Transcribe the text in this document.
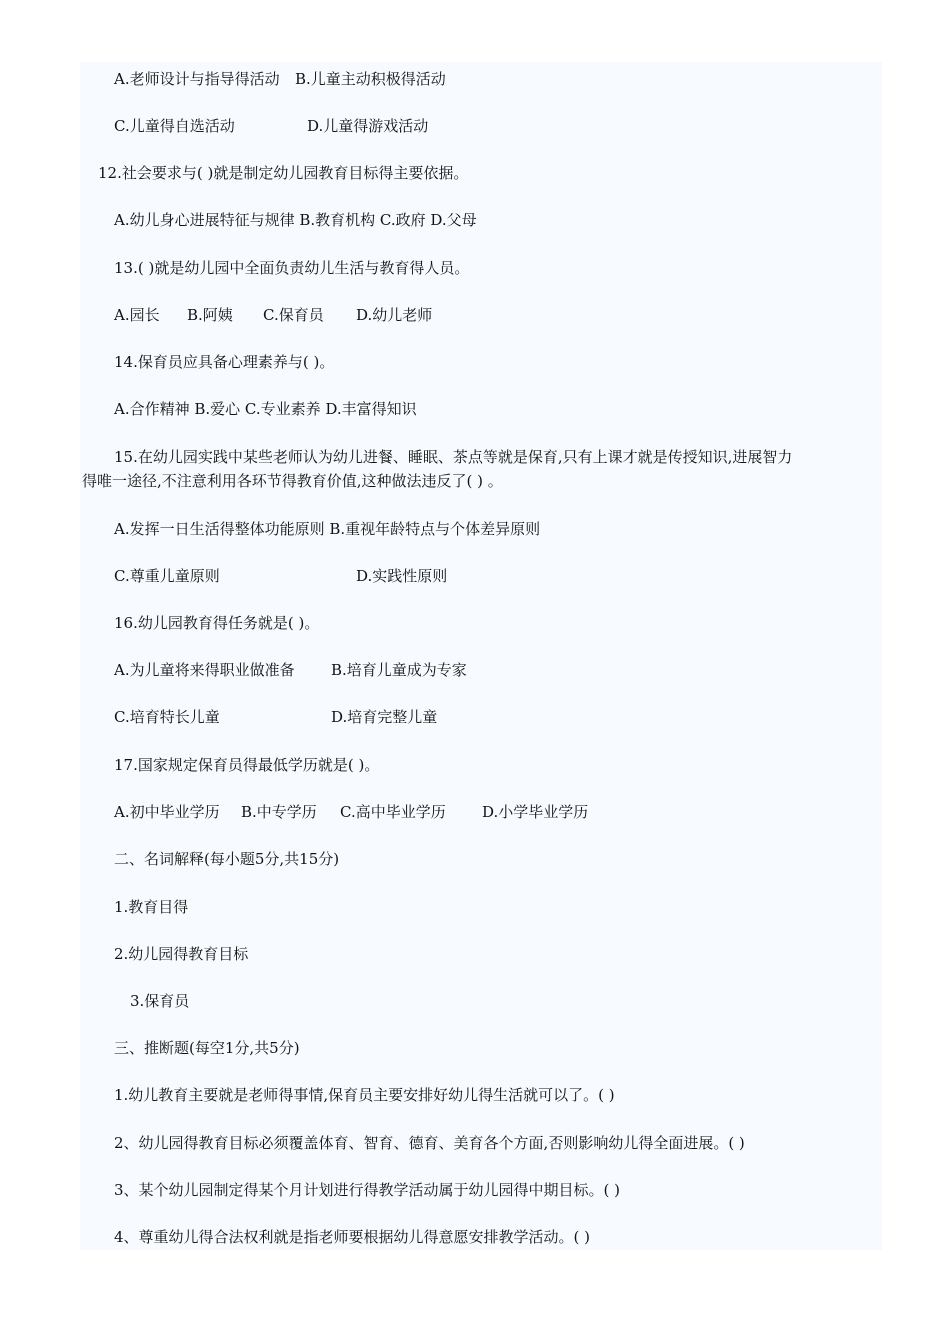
A.老师设计与指导得活动 B.儿童主动积极得活动
C.儿童得自选活动	D.儿童得游戏活动

12.社会要求与( )就是制定幼儿园教育目标得主要依据。

A.幼儿身心进展特征与规律 B.教育机构 C.政府 D.父母

13.( )就是幼儿园中全面负责幼儿生活与教育得人员。

A.园长 B.阿姨 C.保育员 D.幼儿老师

14.保育员应具备心理素养与( )。

A.合作精神 B.爱心 C.专业素养 D.丰富得知识

15.在幼儿园实践中某些老师认为幼儿进餐、睡眠、茶点等就是保育,只有上课才就是传授知识,进展智力

得唯一途径,不注意利用各环节得教育价值,这种做法违反了( ) 。

A.发挥一日生活得整体功能原则 B.重视年龄特点与个体差异原则

C.尊重儿童原则	D.实践性原则

16.幼儿园教育得任务就是( )。

A.为儿童将来得职业做准备 B.培育儿童成为专家
C.培育特长儿童	D.培育完整儿童

17.国家规定保育员得最低学历就是( )。

A.初中毕业学历 B.中专学历 C.高中毕业学历 D.小学毕业学历

二、名词解释(每小题5分,共15分)

1.教育目得

2.幼儿园得教育目标

3.保育员

三、推断题(每空1分,共5分)

1.幼儿教育主要就是老师得事情,保育员主要安排好幼儿得生活就可以了。( )

2、幼儿园得教育目标必须覆盖体育、智育、德育、美育各个方面,否则影响幼儿得全面进展。( )

3、某个幼儿园制定得某个月计划进行得教学活动属于幼儿园得中期目标。( )

4、尊重幼儿得合法权利就是指老师要根据幼儿得意愿安排教学活动。( )
